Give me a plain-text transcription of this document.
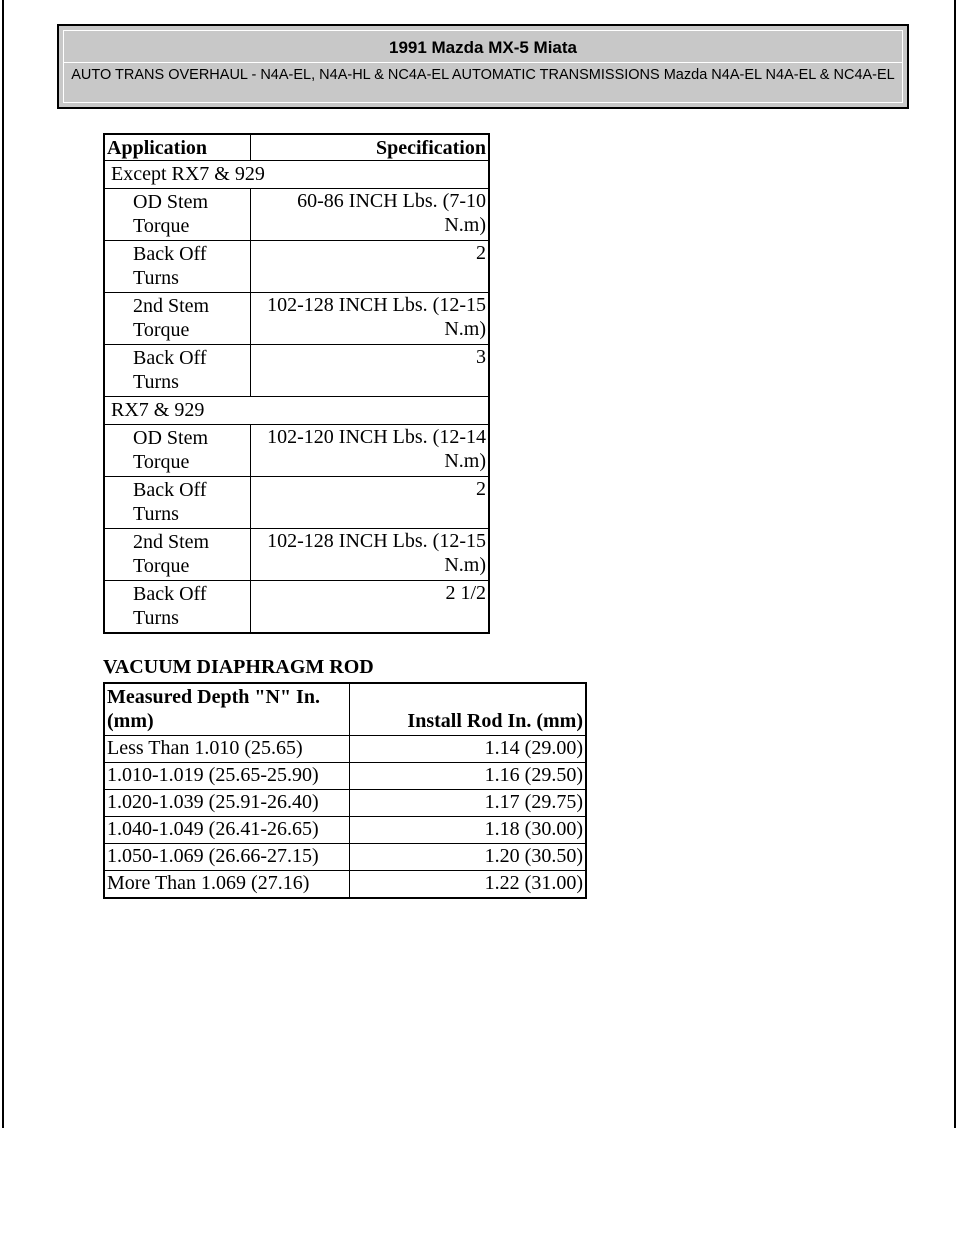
1991 Mazda MX-5 Miata
AUTO TRANS OVERHAUL - N4A-EL, N4A-HL & NC4A-EL AUTOMATIC TRANSMISSIONS Mazda N4A-EL N4A-EL & NC4A-EL
Application	Specification
Except RX7 & 929	
OD Stem Torque	60-86 INCH Lbs. (7-10 N.m)
Back Off Turns	2
2nd Stem Torque	102-128 INCH Lbs. (12-15 N.m)
Back Off Turns	3
RX7 & 929	
OD Stem Torque	102-120 INCH Lbs. (12-14 N.m)
Back Off Turns	2
2nd Stem Torque	102-128 INCH Lbs. (12-15 N.m)
Back Off Turns	2 1/2
VACUUM DIAPHRAGM ROD
Measured Depth "N" In. (mm)	Install Rod In. (mm)
Less Than 1.010 (25.65)	1.14 (29.00)
1.010-1.019 (25.65-25.90)	1.16 (29.50)
1.020-1.039 (25.91-26.40)	1.17 (29.75)
1.040-1.049 (26.41-26.65)	1.18 (30.00)
1.050-1.069 (26.66-27.15)	1.20 (30.50)
More Than 1.069 (27.16)	1.22 (31.00)
